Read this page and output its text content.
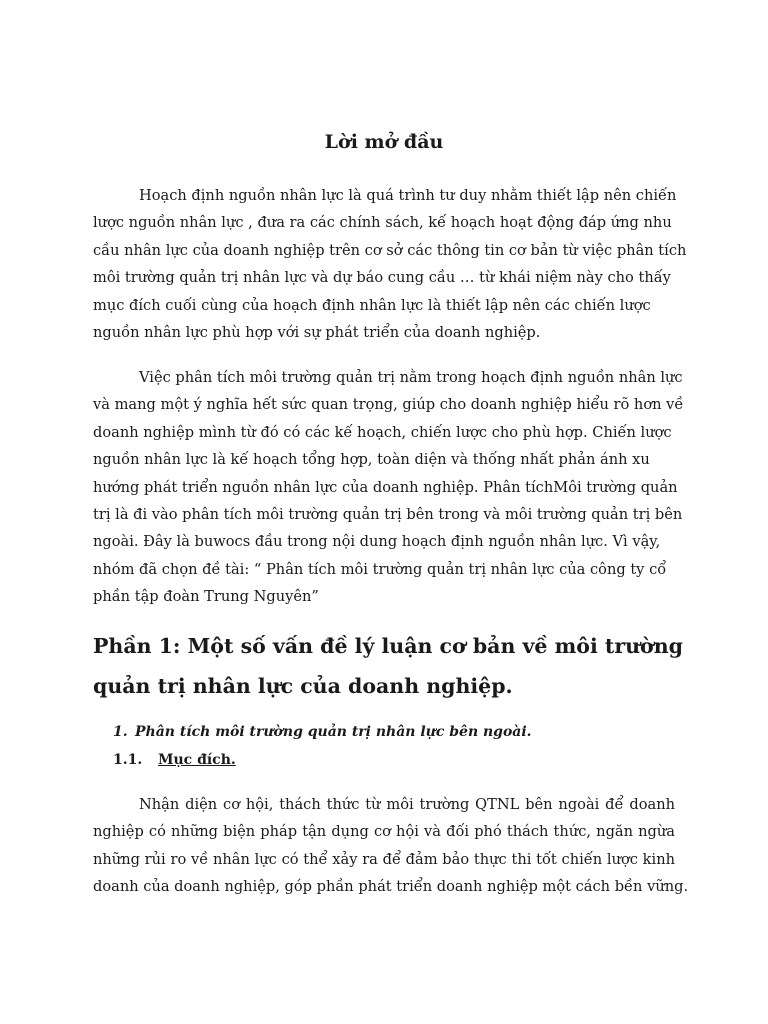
Lời mở đầu

Hoạch định nguồn nhân lực là quá trình tư duy nhằm thiết lập nên chiến
lược nguồn nhân lực , đưa ra các chính sách, kế hoạch hoạt động đáp ứng nhu
cầu nhân lực của doanh nghiệp trên cơ sở các thông tin cơ bản từ việc phân tích
môi trường quản trị nhân lực và dự báo cung cầu … từ khái niệm này cho thấy
mục đích cuối cùng của hoạch định nhân lực là thiết lập nên các chiến lược
nguồn nhân lực phù hợp với sự phát triển của doanh nghiệp.

Việc phân tích môi trường quản trị nằm trong hoạch định nguồn nhân lực
và mang một ý nghĩa hết sức quan trọng, giúp cho doanh nghiệp hiểu rõ hơn về
doanh nghiệp mình từ đó có các kế hoạch, chiến lược cho phù hợp. Chiến lược
nguồn nhân lực là kế hoạch tổng hợp, toàn diện và thống nhất phản ánh xu
hướng phát triển nguồn nhân lực của doanh nghiệp. Phân tíchMôi trường quản
trị là đi vào phân tích môi trường quản trị bên trong và môi trường quản trị bên
ngoài. Đây là buwocs đầu trong nội dung hoạch định nguồn nhân lực. Vì vậy,
nhóm đã chọn đề tài: “ Phân tích môi trường quản trị nhân lực của công ty cổ
phần tập đoàn Trung Nguyên”

Phần 1: Một số vấn đề lý luận cơ bản về môi trường
quản trị nhân lực của doanh nghiệp.
1. Phân tích môi trường quản trị nhân lực bên ngoài.
1.1. Mục đích.

Nhận diện cơ hội, thách thức từ môi trường QTNL bên ngoài để doanh
nghiệp có những biện pháp tận dụng cơ hội và đối phó thách thức, ngăn ngừa
những rủi ro về nhân lực có thể xảy ra để đảm bảo thực thi tốt chiến lược kinh
doanh của doanh nghiệp, góp phần phát triển doanh nghiệp một cách bền vững.
